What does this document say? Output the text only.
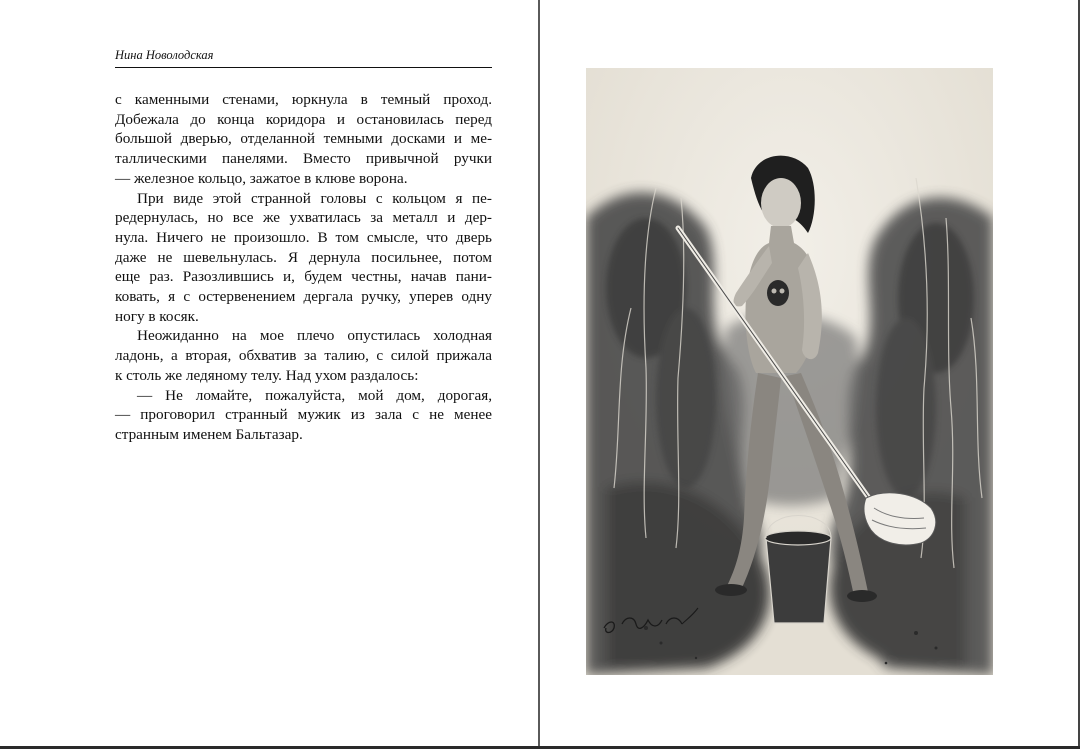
Нина Новолодская
с каменными стенами, юркнула в темный проход.
Добежала до конца коридора и остановилась перед
большой дверью, отделанной темными досками и ме-
таллическими панелями. Вместо привычной ручки
— железное кольцо, зажатое в клюве ворона.
При виде этой странной головы с кольцом я пе-
редернулась, но все же ухватилась за металл и дер-
нула. Ничего не произошло. В том смысле, что дверь
даже не шевельнулась. Я дернула посильнее, потом
еще раз. Разозлившись и, будем честны, начав пани-
ковать, я с остервенением дергала ручку, уперев одну
ногу в косяк.
Неожиданно на мое плечо опустилась холодная
ладонь, а вторая, обхватив за талию, с силой прижала
к столь же ледяному телу. Над ухом раздалось:
— Не ломайте, пожалуйста, мой дом, дорогая,
— проговорил странный мужик из зала с не менее
странным именем Бальтазар.
